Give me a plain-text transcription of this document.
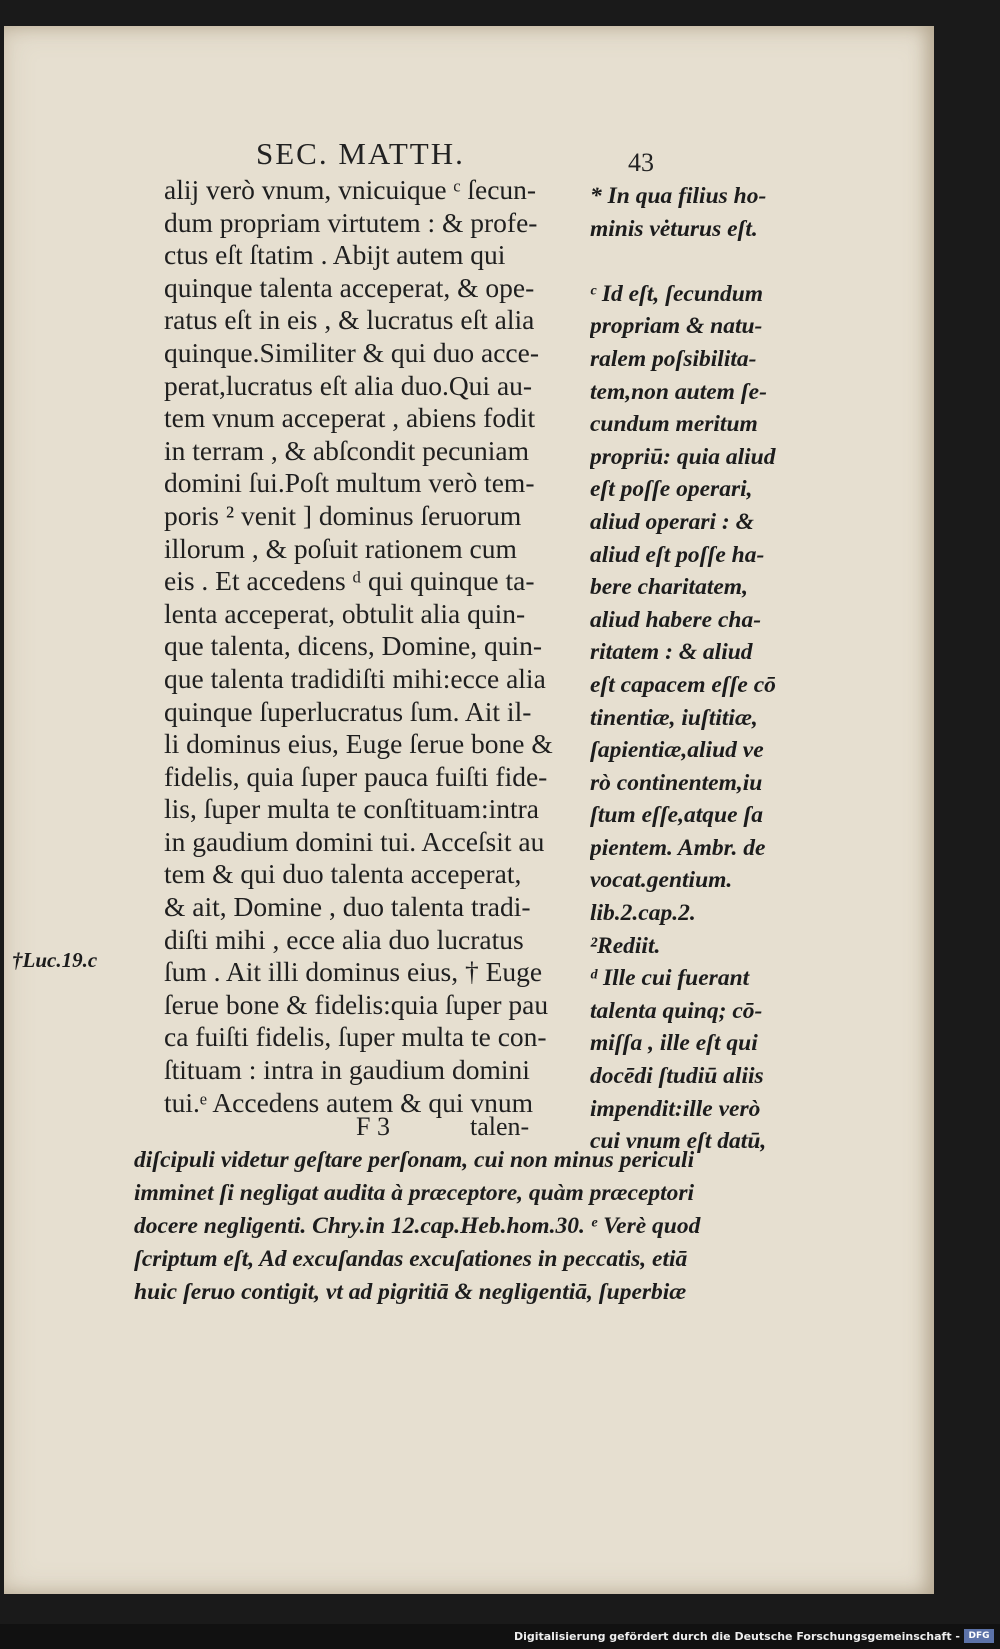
SEC. MATTH.	43
alij verò vnum, vnicuique ᶜ ſecun-
dum propriam virtutem : & profe-
ctus eſt ſtatim . Abijt autem qui
quinque talenta acceperat, & ope-
ratus eſt in eis , & lucratus eſt alia
quinque.Similiter & qui duo acce-
perat,lucratus eſt alia duo.Qui au-
tem vnum acceperat , abiens fodit
in terram , & abſcondit pecuniam
domini ſui.Poſt multum verò tem-
poris ² venit ] dominus ſeruorum
illorum , & poſuit rationem cum
eis . Et accedens ᵈ qui quinque ta-
lenta acceperat, obtulit alia quin-
que talenta, dicens, Domine, quin-
que talenta tradidiſti mihi:ecce alia
quinque ſuperlucratus ſum. Ait il-
li dominus eius, Euge ſerue bone &
fidelis, quia ſuper pauca fuiſti fide-
lis, ſuper multa te conſtituam:intra
in gaudium domini tui. Acceſsit au
tem & qui duo talenta acceperat,
& ait, Domine , duo talenta tradi-
diſti mihi , ecce alia duo lucratus
ſum . Ait illi dominus eius, † Euge
ſerue bone & fidelis:quia ſuper pau
ca fuiſti fidelis, ſuper multa te con-
ſtituam : intra in gaudium domini
tui.ᵉ Accedens autem & qui vnum
* In qua filius ho-
minis vėturus eſt.
ᶜ Id eſt, ſecundum
propriam & natu-
ralem poſsibilita-
tem,non autem ſe-
cundum meritum
propriū: quia aliud
eſt poſſe operari,
aliud operari : &
aliud eſt poſſe ha-
bere charitatem,
aliud habere cha-
ritatem : & aliud
eſt capacem eſſe cō
tinentiæ, iuſtitiæ,
ſapientiæ,aliud ve
rò continentem,iu
ſtum eſſe,atque ſa
pientem. Ambr. de
vocat.gentium.
lib.2.cap.2.
²Rediit.
ᵈ Ille cui fuerant
talenta quinq; cō-
miſſa , ille eſt qui
docēdi ſtudiū aliis
impendit:ille verò
cui vnum eſt datū,
†Luc.19.c
F 3	talen-
diſcipuli videtur geſtare perſonam, cui non minus periculi
imminet ſi negligat audita à præceptore, quàm præceptori
docere negligenti. Chry.in 12.cap.Heb.hom.30. ᵉ Verè quod
ſcriptum eſt, Ad excuſandas excuſationes in peccatis, etiā
huic ſeruo contigit, vt ad pigritiā & negligentiā, ſuperbiæ
Digitalisierung gefördert durch die Deutsche Forschungsgemeinschaft - DFG
